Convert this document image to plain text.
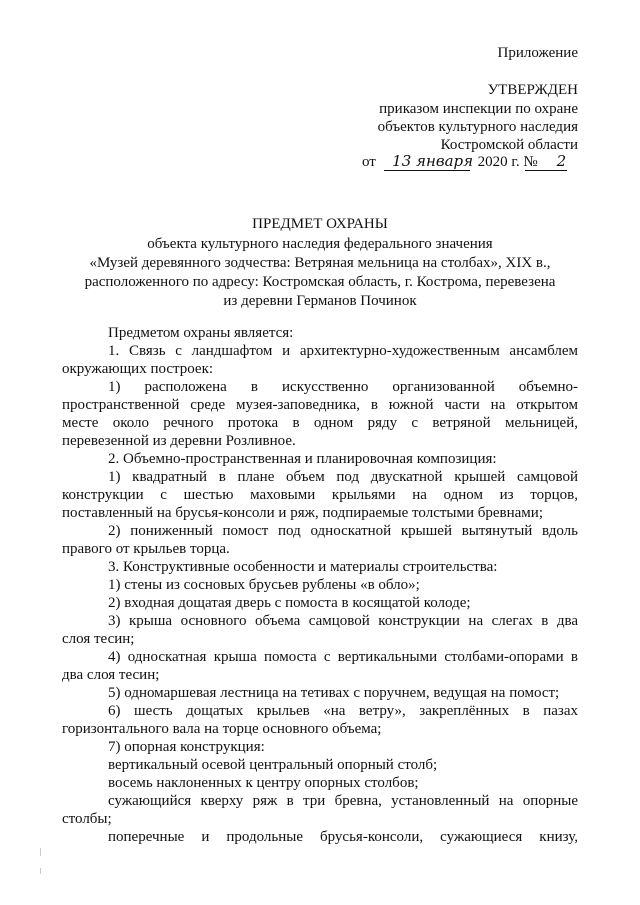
Приложение
УТВЕРЖДЕН
приказом инспекции по охране
объектов культурного наследия
Костромской области
от 13 января 2020 г. № 2
ПРЕДМЕТ ОХРАНЫ
объекта культурного наследия федерального значения
«Музей деревянного зодчества: Ветряная мельница на столбах», XIX в.,
расположенного по адресу: Костромская область, г. Кострома, перевезена
из деревни Германов Починок
Предметом охраны является:
1. Связь с ландшафтом и архитектурно-художественным ансамблем
окружающих построек:
1) расположена в искусственно организованной объемно-
пространственной среде музея-заповедника, в южной части на открытом
месте около речного протока в одном ряду с ветряной мельницей,
перевезенной из деревни Розливное.
2. Объемно-пространственная и планировочная композиция:
1) квадратный в плане объем под двускатной крышей самцовой
конструкции с шестью маховыми крыльями на одном из торцов,
поставленный на брусья-консоли и ряж, подпираемые толстыми бревнами;
2) пониженный помост под односкатной крышей вытянутый вдоль
правого от крыльев торца.
3. Конструктивные особенности и материалы строительства:
1) стены из сосновых брусьев рублены «в обло»;
2) входная дощатая дверь с помоста в косящатой колоде;
3) крыша основного объема самцовой конструкции на слегах в два
слоя тесин;
4) односкатная крыша помоста с вертикальными столбами-опорами в
два слоя тесин;
5) одномаршевая лестница на тетивах с поручнем, ведущая на помост;
6) шесть дощатых крыльев «на ветру», закреплённых в пазах
горизонтального вала на торце основного объема;
7) опорная конструкция:
вертикальный осевой центральный опорный столб;
восемь наклоненных к центру опорных столбов;
сужающийся кверху ряж в три бревна, установленный на опорные
столбы;
поперечные и продольные брусья-консоли, сужающиеся книзу,
